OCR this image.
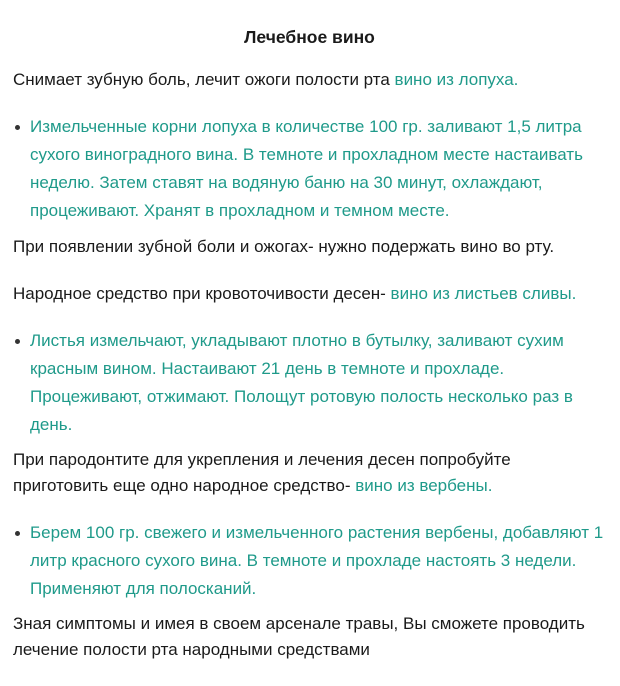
Лечебное вино

Снимает зубную боль, лечит ожоги полости рта вино из лопуха.

Измельченные корни лопуха в количестве 100 гр. заливают 1,5 литра сухого виноградного вина. В темноте и прохладном месте настаивать неделю. Затем ставят на водяную баню на 30 минут, охлаждают, процеживают. Хранят в прохладном и темном месте.

При появлении зубной боли и ожогах- нужно подержать вино во рту.

Народное средство при кровоточивости десен- вино из листьев сливы.

Листья измельчают, укладывают плотно в бутылку, заливают сухим красным вином. Настаивают 21 день в темноте и прохладе. Процеживают, отжимают. Полощут ротовую полость несколько раз в день.

При пародонтите для укрепления и лечения десен попробуйте приготовить еще одно народное средство- вино из вербены.

Берем 100 гр. свежего и измельченного растения вербены, добавляют 1 литр красного сухого вина. В темноте и прохладе настоять 3 недели. Применяют для полосканий.

Зная симптомы и имея в своем арсенале травы, Вы сможете проводить лечение полости рта народными средствами
